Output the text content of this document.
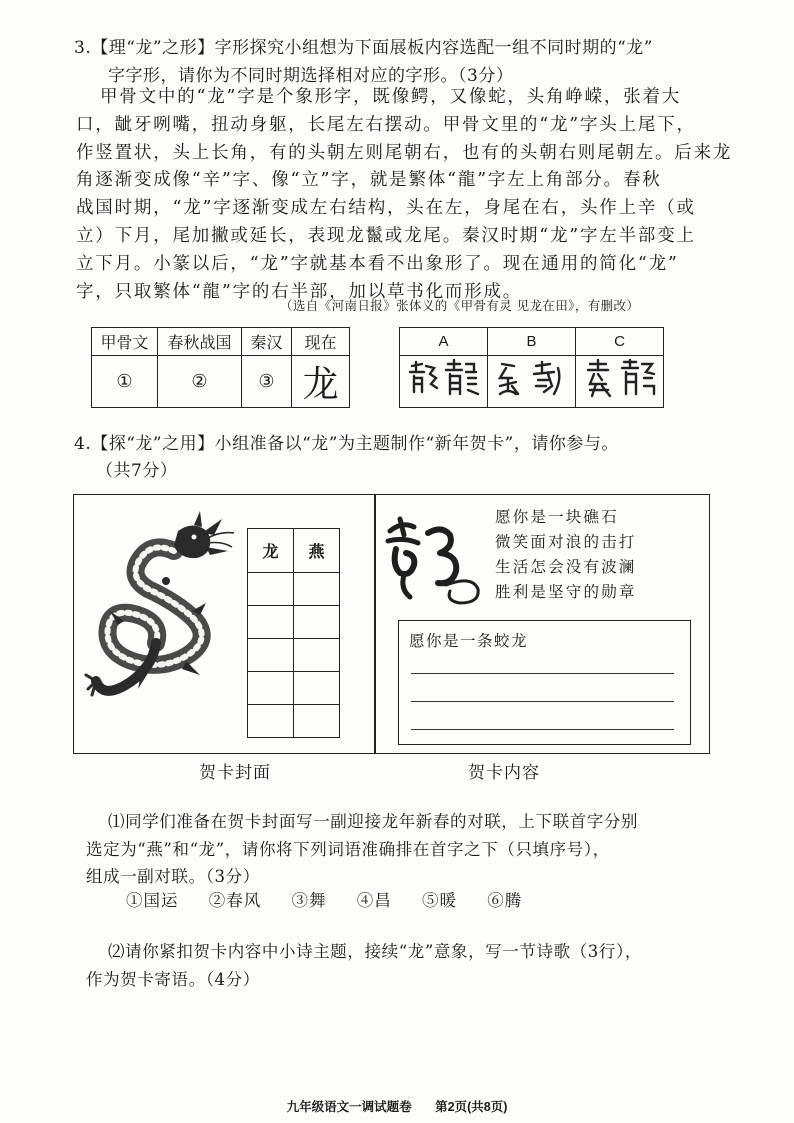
3.【理“龙”之形】字形探究小组想为下面展板内容选配一组不同时期的“龙”
字字形，请你为不同时期选择相对应的字形。（3分）
甲骨文中的“龙”字是个象形字，既像鳄，又像蛇，头角峥嵘，张着大
口，龇牙咧嘴，扭动身躯，长尾左右摆动。甲骨文里的“龙”字头上尾下，
作竖置状，头上长角，有的头朝左则尾朝右，也有的头朝右则尾朝左。后来龙
角逐渐变成像“辛”字、像“立”字，就是繁体“龍”字左上角部分。春秋
战国时期，“龙”字逐渐变成左右结构，头在左，身尾在右，头作上辛（或
立）下月，尾加撇或延长，表现龙鬣或龙尾。秦汉时期“龙”字左半部变上
立下月。小篆以后，“龙”字就基本看不出象形了。现在通用的简化“龙”
字，只取繁体“龍”字的右半部，加以草书化而形成。
（选自《河南日报》张体义的《甲骨有灵 见龙在田》，有删改）
甲骨文	春秋战国	秦汉	现在
①	②	③	龙
A	B	C

4.【探“龙”之用】小组准备以“龙”为主题制作“新年贺卡”，请你参与。
（共7分）
龙	燕

愿你是一块礁石
微笑面对浪的击打
生活怎会没有波澜
胜利是坚守的勋章
愿你是一条蛟龙
贺卡封面	贺卡内容
⑴同学们准备在贺卡封面写一副迎接龙年新春的对联，上下联首字分别
选定为“燕”和“龙”，请你将下列词语准确排在首字之下（只填序号），
组成一副对联。（3分）
①国运 ②春风 ③舞 ④昌 ⑤暖 ⑥腾
⑵请你紧扣贺卡内容中小诗主题，接续“龙”意象，写一节诗歌（3行），
作为贺卡寄语。（4分）
九年级语文一调试题卷 第2页(共8页)
